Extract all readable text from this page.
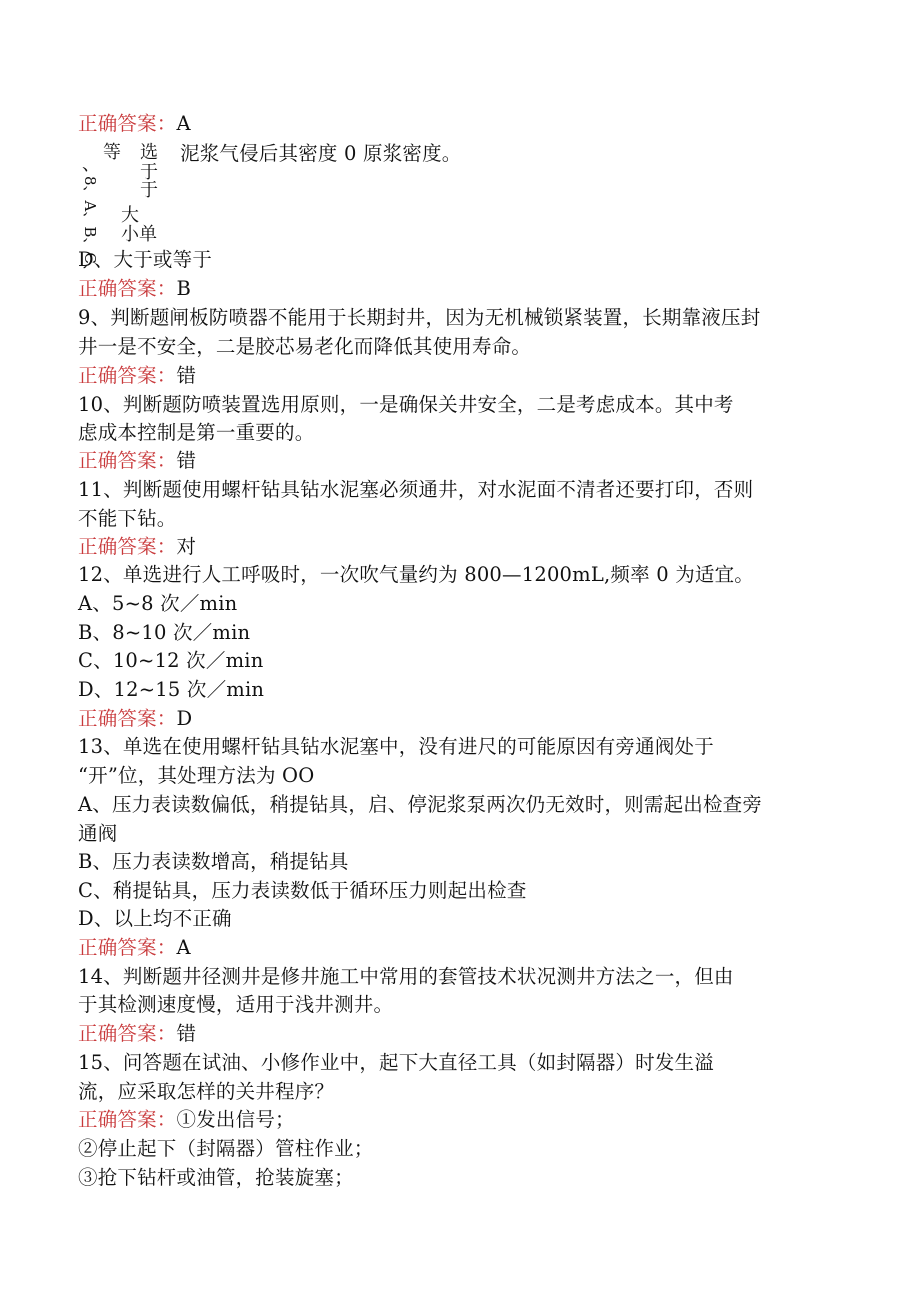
正确答案：A
泥浆气侵后其密度 0 原浆密度。
等 选
于
于
大
小单
、
8、A、B、C、
D、大于或等于
正确答案：B
9、判断题闸板防喷器不能用于长期封井，因为无机械锁紧装置，长期靠液压封
井一是不安全，二是胶芯易老化而降低其使用寿命。
正确答案：错
10、判断题防喷装置选用原则，一是确保关井安全，二是考虑成本。其中考
虑成本控制是第一重要的。
正确答案：错
11、判断题使用螺杆钻具钻水泥塞必须通井，对水泥面不清者还要打印，否则
不能下钻。
正确答案：对
12、单选进行人工呼吸时，一次吹气量约为 800—1200mL,频率 0 为适宜。
A、5~8 次／min
B、8~10 次／min
C、10~12 次／min
D、12~15 次／min
正确答案：D
13、单选在使用螺杆钻具钻水泥塞中，没有进尺的可能原因有旁通阀处于
“开”位，其处理方法为 OO
A、压力表读数偏低，稍提钻具，启、停泥浆泵两次仍无效时，则需起出检查旁
通阀
B、压力表读数增高，稍提钻具
C、稍提钻具，压力表读数低于循环压力则起出检查
D、以上均不正确
正确答案：A
14、判断题井径测井是修井施工中常用的套管技术状况测井方法之一，但由
于其检测速度慢，适用于浅井测井。
正确答案：错
15、问答题在试油、小修作业中，起下大直径工具（如封隔器）时发生溢
流，应采取怎样的关井程序？
正确答案：①发出信号；
②停止起下（封隔器）管柱作业；
③抢下钻杆或油管，抢装旋塞；
